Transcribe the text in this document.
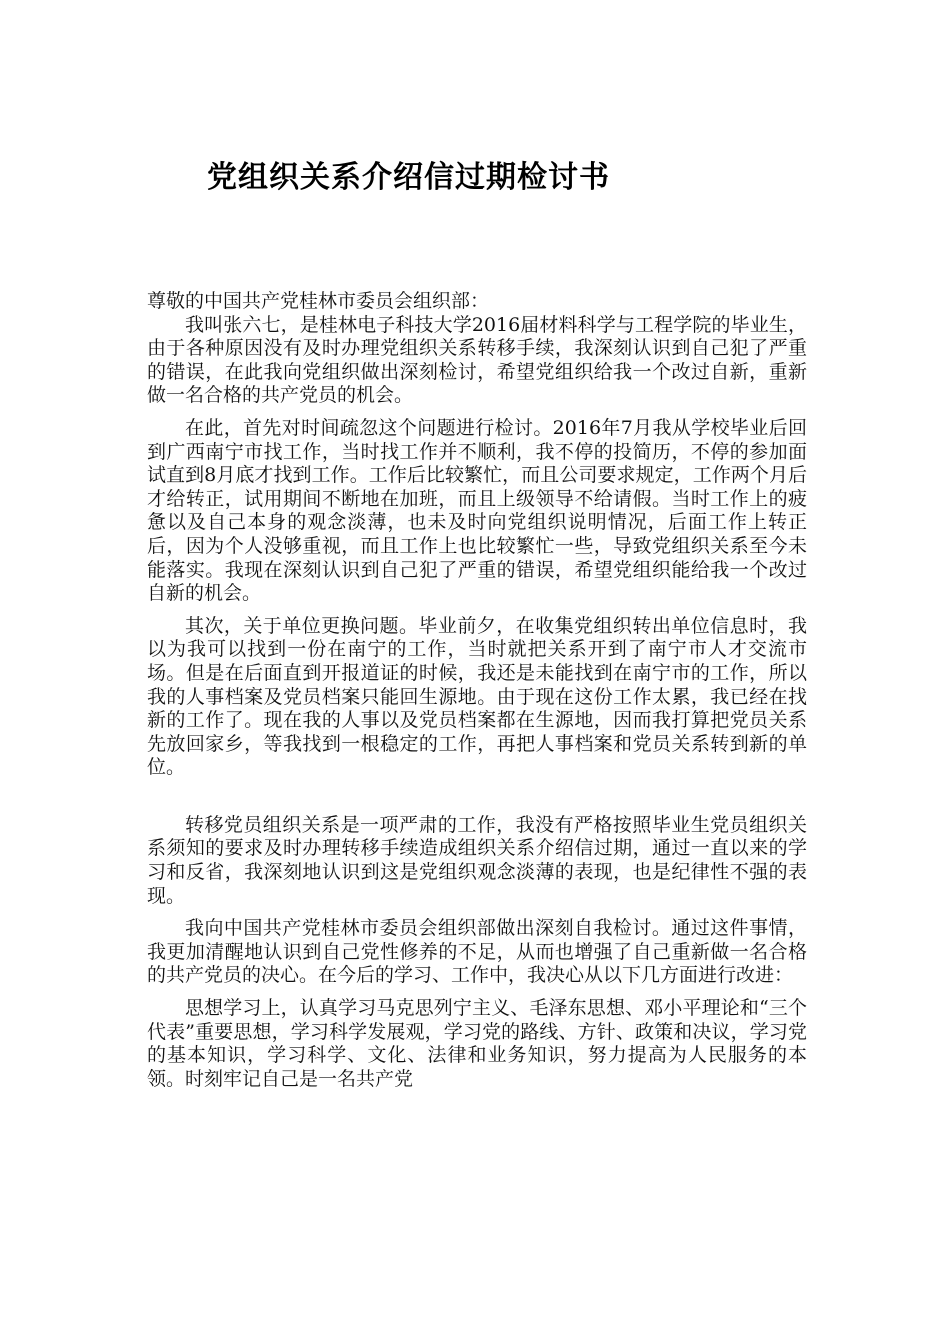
党组织关系介绍信过期检讨书

尊敬的中国共产党桂林市委员会组织部：

我叫张六七，是桂林电子科技大学2016届材料科学与工程学院的毕业生，由于各种原因没有及时办理党组织关系转移手续，我深刻认识到自己犯了严重的错误，在此我向党组织做出深刻检讨，希望党组织给我一个改过自新，重新做一名合格的共产党员的机会。

在此，首先对时间疏忽这个问题进行检讨。2016年7月我从学校毕业后回到广西南宁市找工作，当时找工作并不顺利，我不停的投简历，不停的参加面试直到8月底才找到工作。工作后比较繁忙，而且公司要求规定，工作两个月后才给转正，试用期间不断地在加班，而且上级领导不给请假。当时工作上的疲惫以及自己本身的观念淡薄，也未及时向党组织说明情况，后面工作上转正后，因为个人没够重视，而且工作上也比较繁忙一些，导致党组织关系至今未能落实。我现在深刻认识到自己犯了严重的错误，希望党组织能给我一个改过自新的机会。

其次，关于单位更换问题。毕业前夕，在收集党组织转出单位信息时，我以为我可以找到一份在南宁的工作，当时就把关系开到了南宁市人才交流市场。但是在后面直到开报道证的时候，我还是未能找到在南宁市的工作，所以我的人事档案及党员档案只能回生源地。由于现在这份工作太累，我已经在找新的工作了。现在我的人事以及党员档案都在生源地，因而我打算把党员关系先放回家乡，等我找到一根稳定的工作，再把人事档案和党员关系转到新的单位。

转移党员组织关系是一项严肃的工作，我没有严格按照毕业生党员组织关系须知的要求及时办理转移手续造成组织关系介绍信过期，通过一直以来的学习和反省，我深刻地认识到这是党组织观念淡薄的表现，也是纪律性不强的表现。

我向中国共产党桂林市委员会组织部做出深刻自我检讨。通过这件事情，我更加清醒地认识到自己党性修养的不足，从而也增强了自己重新做一名合格的共产党员的决心。在今后的学习、工作中，我决心从以下几方面进行改进：

思想学习上，认真学习马克思列宁主义、毛泽东思想、邓小平理论和“三个代表”重要思想，学习科学发展观，学习党的路线、方针、政策和决议，学习党的基本知识，学习科学、文化、法律和业务知识，努力提高为人民服务的本领。时刻牢记自己是一名共产党
